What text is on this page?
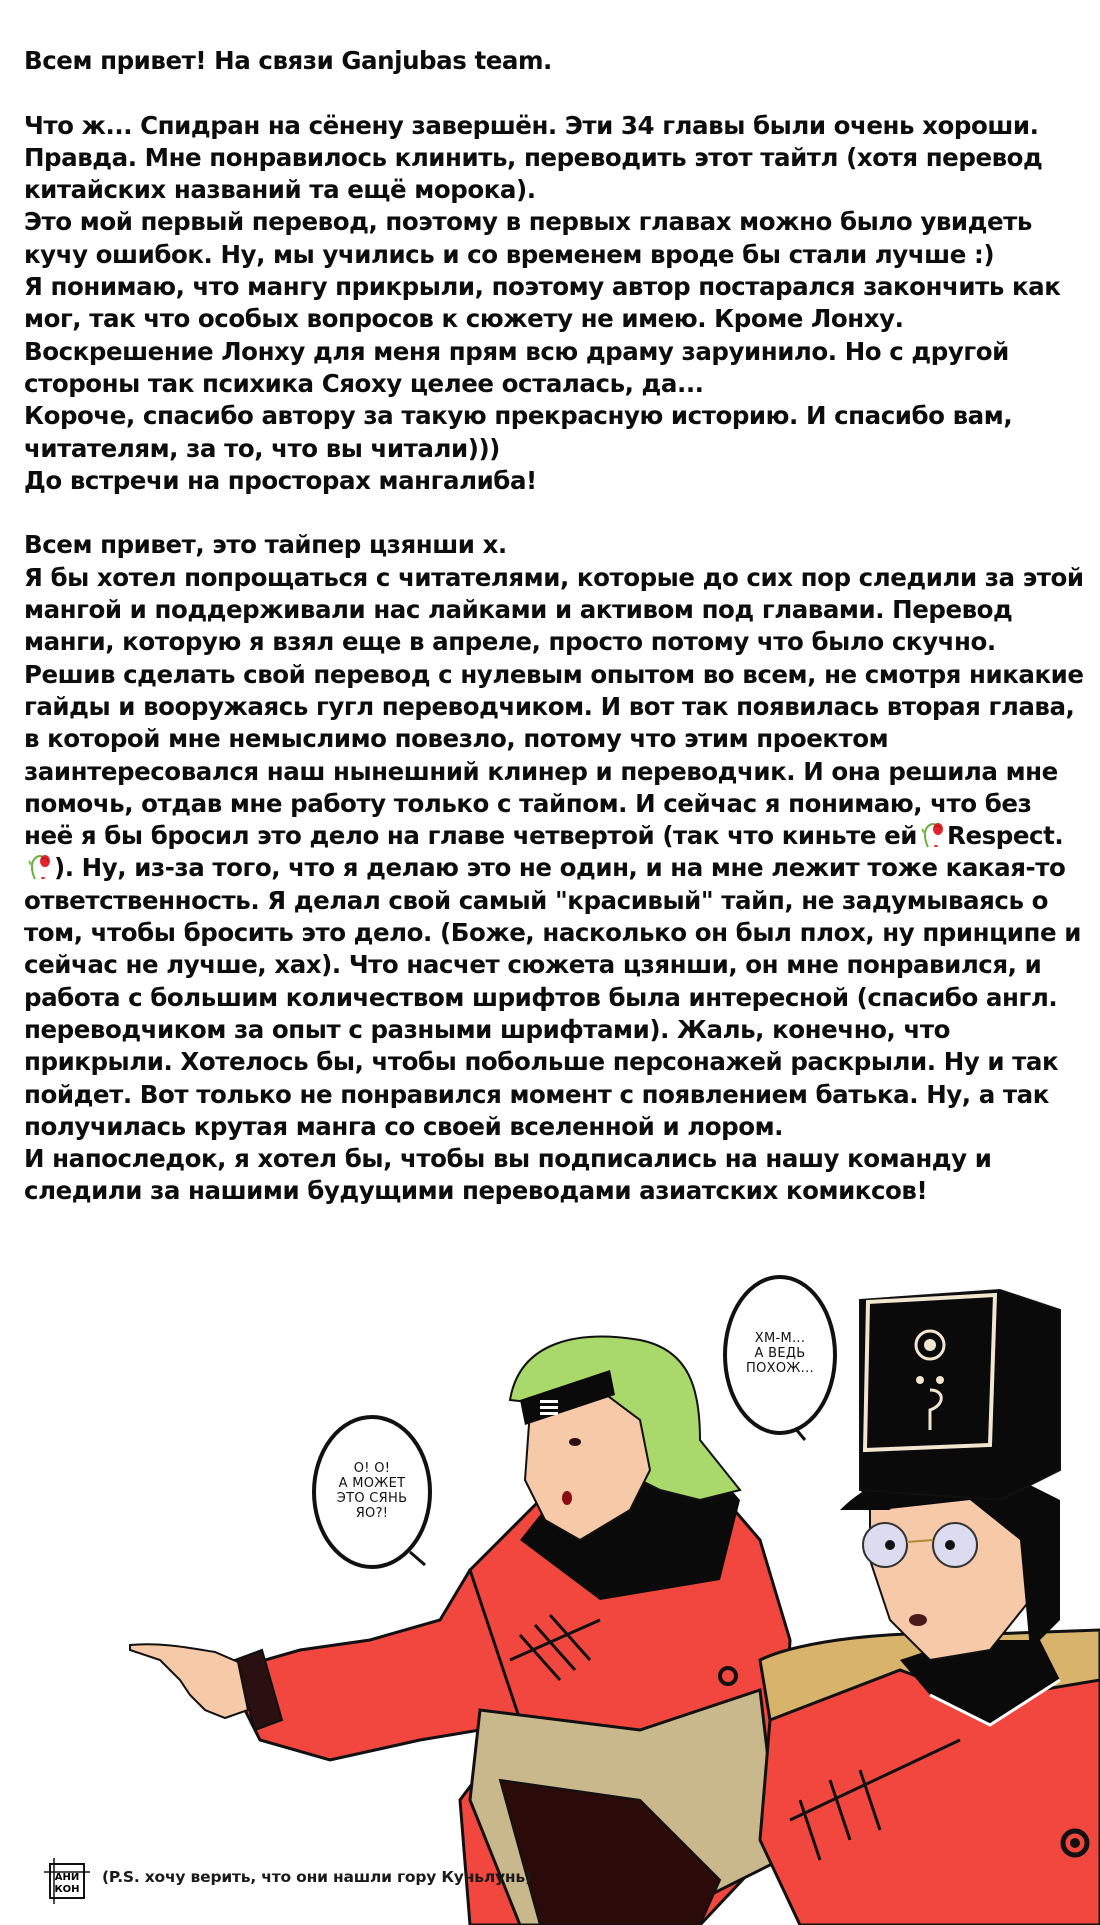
Всем привет! На связи Ganjubas team.
Что ж... Спидран на сёнену завершён. Эти 34 главы были очень хороши.
Правда. Мне понравилось клинить, переводить этот тайтл (хотя перевод
китайских названий та ещё морока).
Это мой первый перевод, поэтому в первых главах можно было увидеть
кучу ошибок. Ну, мы учились и со временем вроде бы стали лучше :)
Я понимаю, что мангу прикрыли, поэтому автор постарался закончить как
мог, так что особых вопросов к сюжету не имею. Кроме Лонху.
Воскрешение Лонху для меня прям всю драму заруинило. Но с другой
стороны так психика Сяоху целее осталась, да...
Короче, спасибо автору за такую прекрасную историю. И спасибо вам,
читателям, за то, что вы читали)))
До встречи на просторах мангалиба!
Всем привет, это тайпер цзянши х.
Я бы хотел попрощаться с читателями, которые до сих пор следили за этой
мангой и поддерживали нас лайками и активом под главами. Перевод
манги, которую я взял еще в апреле, просто потому что было скучно.
Решив сделать свой перевод с нулевым опытом во всем, не смотря никакие
гайды и вооружаясь гугл переводчиком. И вот так появилась вторая глава,
в которой мне немыслимо повезло, потому что этим проектом
заинтересовался наш нынешний клинер и переводчик. И она решила мне
помочь, отдав мне работу только с тайпом. И сейчас я понимаю, что без
неё я бы бросил это дело на главе четвертой (так что киньте ей Respect.
). Ну, из-за того, что я делаю это не один, и на мне лежит тоже какая-то
ответственность. Я делал свой самый "красивый" тайп, не задумываясь о
том, чтобы бросить это дело. (Боже, насколько он был плох, ну принципе и
сейчас не лучше, хах). Что насчет сюжета цзянши, он мне понравился, и
работа с большим количеством шрифтов была интересной (спасибо англ.
переводчиком за опыт с разными шрифтами). Жаль, конечно, что
прикрыли. Хотелось бы, чтобы побольше персонажей раскрыли. Ну и так
пойдет. Вот только не понравился момент с появлением батька. Ну, а так
получилась крутая манга со своей вселенной и лором.
И напоследок, я хотел бы, чтобы вы подписались на нашу команду и
следили за нашими будущими переводами азиатских комиксов!
О! О!
А МОЖЕТ
ЭТО СЯНЬ
ЯО?!
ХМ-М...
А ВЕДЬ
ПОХОЖ...
АНИ
КОН
(P.S. хочу верить, что они нашли гору Куньлунь)
